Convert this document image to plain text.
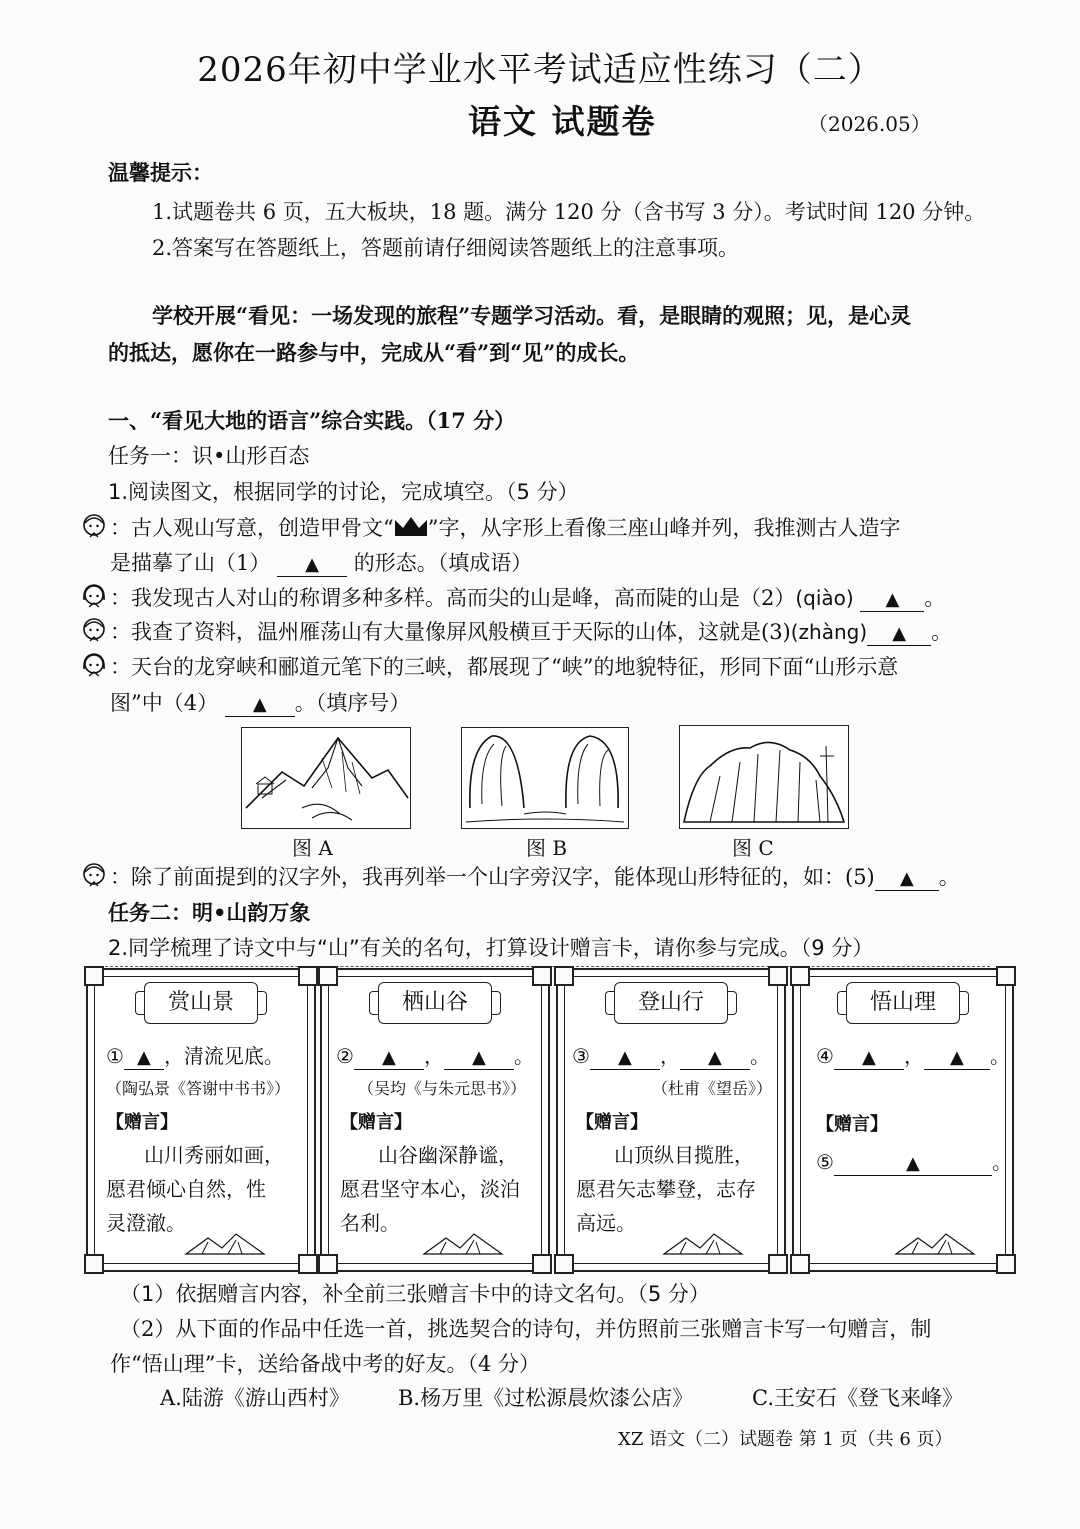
2026年初中学业水平考试适应性练习（二）
语文 试题卷	（2026.05）
温馨提示：
1.试题卷共 6 页，五大板块，18 题。满分 120 分（含书写 3 分）。考试时间 120 分钟。
2.答案写在答题纸上，答题前请仔细阅读答题纸上的注意事项。
学校开展“看见：一场发现的旅程”专题学习活动。看，是眼睛的观照；见，是心灵
的抵达，愿你在一路参与中，完成从“看”到“见”的成长。
一、“看见大地的语言”综合实践。（17 分）
任务一：识•山形百态
1.阅读图文，根据同学的讨论，完成填空。（5 分）
：古人观山写意，创造甲骨文“ ”字，从字形上看像三座山峰并列，我推测古人造字
是描摹了山（1） ▲ 的形态。（填成语）
：我发现古人对山的称谓多种多样。高而尖的山是峰，高而陡的山是（2）(qiào) ▲ 。
：我查了资料，温州雁荡山有大量像屏风般横亘于天际的山体，这就是(3)(zhàng) ▲ 。
：天台的龙穿峡和郦道元笔下的三峡，都展现了“峡”的地貌特征，形同下面“山形示意
图”中（4） ▲ 。（填序号）
图 A	图 B	图 C
：除了前面提到的汉字外，我再列举一个山字旁汉字，能体现山形特征的，如：(5) ▲ 。
任务二：明•山韵万象
2.同学梳理了诗文中与“山”有关的名句，打算设计赠言卡，请你参与完成。（9 分）
赏山景
① ▲ ，清流见底。
（陶弘景《答谢中书书》）
【赠言】
山川秀丽如画，
愿君倾心自然，性
灵澄澈。
栖山谷
② ▲ ， ▲ 。
（吴均《与朱元思书》）
【赠言】
山谷幽深静谧，
愿君坚守本心，淡泊
名利。
登山行
③ ▲ ， ▲ 。
（杜甫《望岳》）
【赠言】
山顶纵目揽胜，
愿君矢志攀登，志存
高远。
悟山理
④ ▲ ， ▲ 。
【赠言】
⑤	▲	。
（1）依据赠言内容，补全前三张赠言卡中的诗文名句。（5 分）
（2）从下面的作品中任选一首，挑选契合的诗句，并仿照前三张赠言卡写一句赠言，制
作“悟山理”卡，送给备战中考的好友。（4 分）
A.陆游《游山西村》 B.杨万里《过松源晨炊漆公店》	C.王安石《登飞来峰》
XZ 语文（二）试题卷 第 1 页（共 6 页）
